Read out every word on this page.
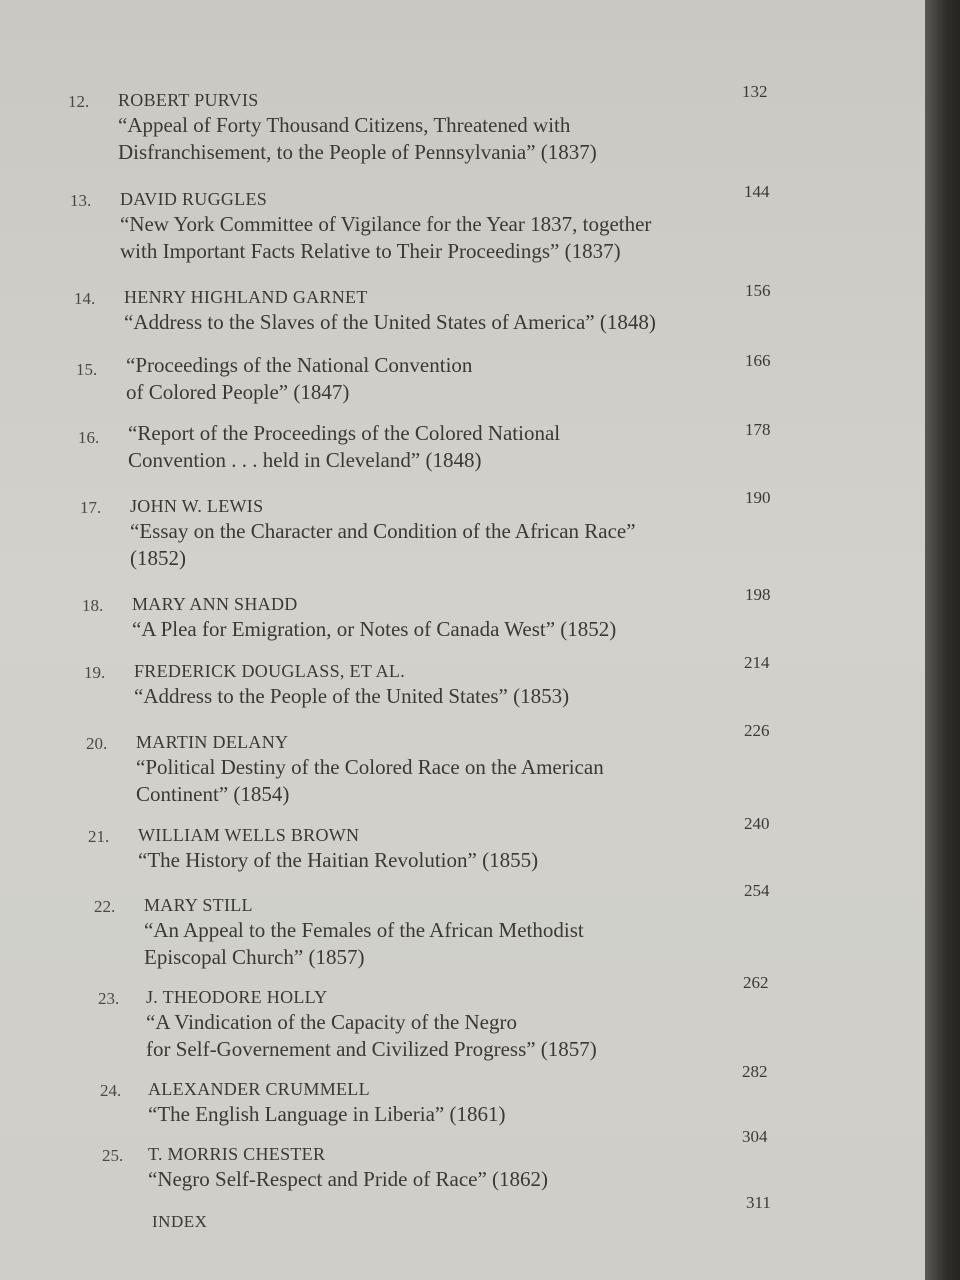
12. ROBERT PURVIS
“Appeal of Forty Thousand Citizens, Threatened with
Disfranchisement, to the People of Pennsylvania” (1837)
132
13. DAVID RUGGLES
“New York Committee of Vigilance for the Year 1837, together
with Important Facts Relative to Their Proceedings” (1837)
144
14. HENRY HIGHLAND GARNET
“Address to the Slaves of the United States of America” (1848)
156
15. “Proceedings of the National Convention
of Colored People” (1847)
166
16. “Report of the Proceedings of the Colored National
Convention . . . held in Cleveland” (1848)
178
17. JOHN W. LEWIS
“Essay on the Character and Condition of the African Race”
(1852)
190
18. MARY ANN SHADD
“A Plea for Emigration, or Notes of Canada West” (1852)
198
19. FREDERICK DOUGLASS, ET AL.
“Address to the People of the United States” (1853)
214
20. MARTIN DELANY
“Political Destiny of the Colored Race on the American
Continent” (1854)
226
21. WILLIAM WELLS BROWN
“The History of the Haitian Revolution” (1855)
240
22. MARY STILL
“An Appeal to the Females of the African Methodist
Episcopal Church” (1857)
254
23. J. THEODORE HOLLY
“A Vindication of the Capacity of the Negro
for Self-Governement and Civilized Progress” (1857)
262
24. ALEXANDER CRUMMELL
“The English Language in Liberia” (1861)
282
25. T. MORRIS CHESTER
“Negro Self-Respect and Pride of Race” (1862)
304
INDEX
311
